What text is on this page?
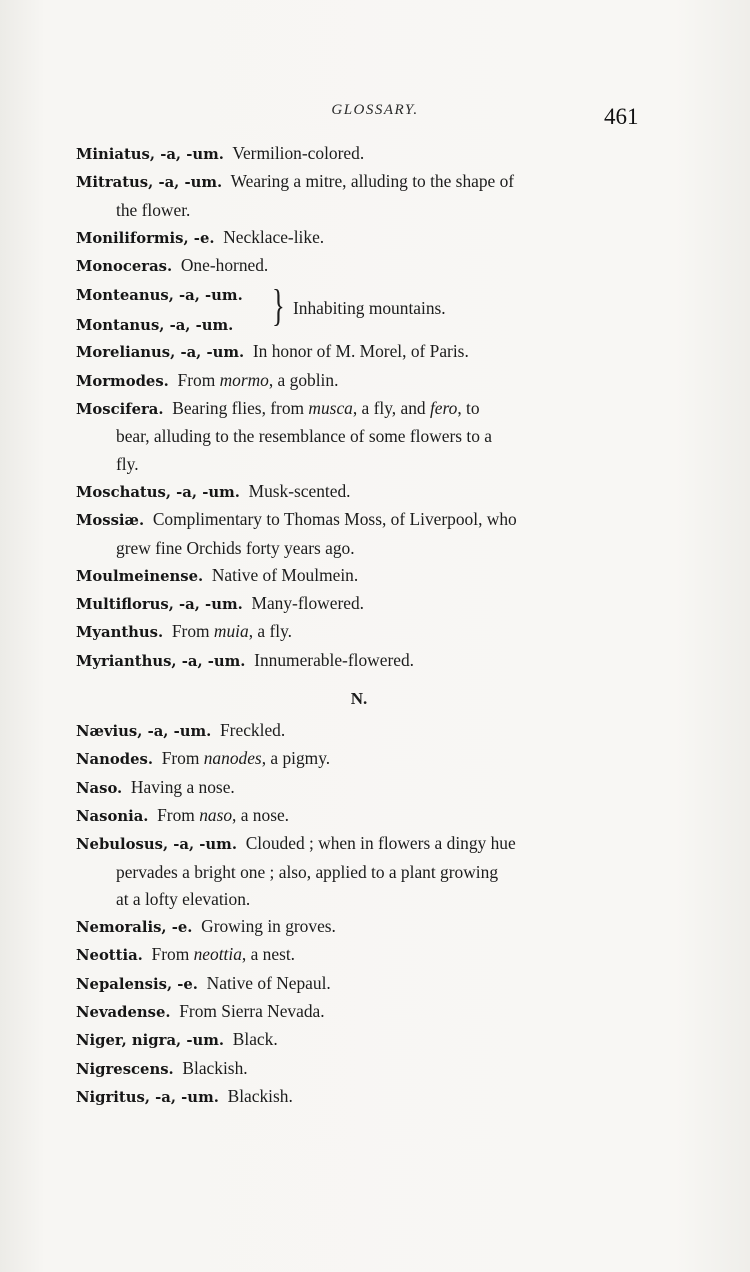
GLOSSARY.	461
Miniatus, -a, -um. Vermilion-colored.
Mitratus, -a, -um. Wearing a mitre, alluding to the shape of
the flower.
Moniliformis, -e. Necklace-like.
Monoceras. One-horned.
Monteanus, -a, -um.
Montanus, -a, -um. } Inhabiting mountains.
Morelianus, -a, -um. In honor of M. Morel, of Paris.
Mormodes. From mormo, a goblin.
Moscifera. Bearing flies, from musca, a fly, and fero, to
bear, alluding to the resemblance of some flowers to a
fly.
Moschatus, -a, -um. Musk-scented.
Mossiæ. Complimentary to Thomas Moss, of Liverpool, who
grew fine Orchids forty years ago.
Moulmeinense. Native of Moulmein.
Multiflorus, -a, -um. Many-flowered.
Myanthus. From muia, a fly.
Myrianthus, -a, -um. Innumerable-flowered.
N.
Nævius, -a, -um. Freckled.
Nanodes. From nanodes, a pigmy.
Naso. Having a nose.
Nasonia. From naso, a nose.
Nebulosus, -a, -um. Clouded ; when in flowers a dingy hue
pervades a bright one ; also, applied to a plant growing
at a lofty elevation.
Nemoralis, -e. Growing in groves.
Neottia. From neottia, a nest.
Nepalensis, -e. Native of Nepaul.
Nevadense. From Sierra Nevada.
Niger, nigra, -um. Black.
Nigrescens. Blackish.
Nigritus, -a, -um. Blackish.
